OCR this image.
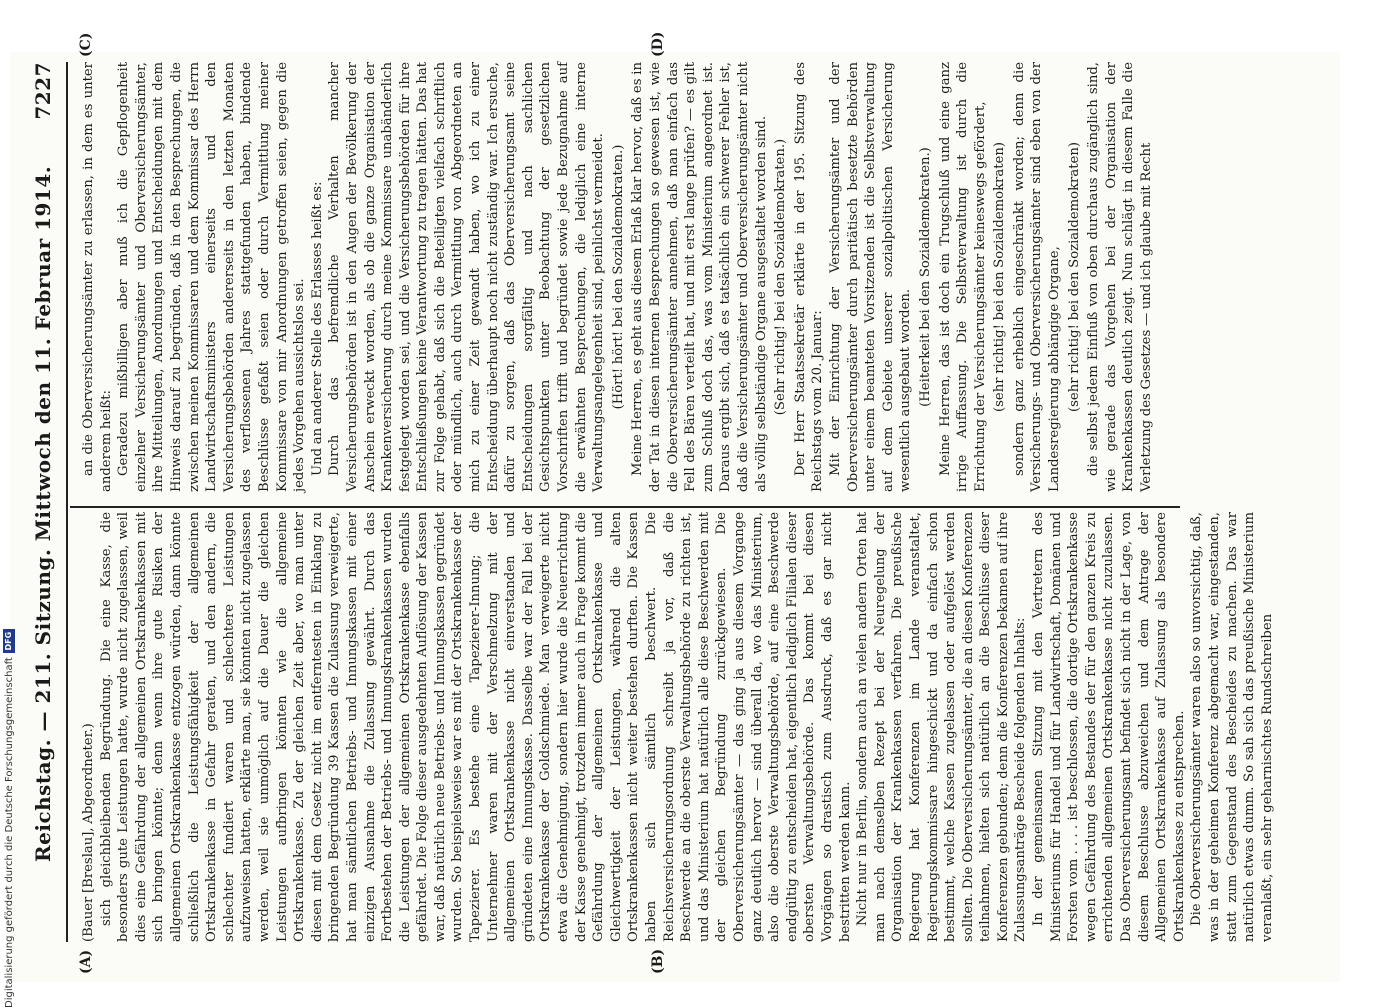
Reichstag. — 211. Sitzung. Mittwoch den 11. Februar 1914.
7227
(A)	(B)
(C)	(D)

(Bauer [Breslau], Abgeordneter.) sich gleichbleibenden Begründung. Die eine Kasse, die besonders gute Leistungen hatte, wurde nicht zugelassen, weil dies eine Gefährdung der allgemeinen Ortskrankenkassen mit sich bringen könnte; denn wenn ihre gute Risiken der allgemeinen Ortskrankenkasse entzogen würden, dann könnte schließlich die Leistungsfähigkeit der allgemeinen Ortskrankenkasse in Gefahr geraten, und den andern, die schlechter fundiert waren und schlechtere Leistungen aufzuweisen hatten, erklärte man, sie könnten nicht zugelassen werden, weil sie unmöglich auf die Dauer die gleichen Leistungen aufbringen könnten wie die allgemeine Ortskrankenkasse. Zu der gleichen Zeit aber, wo man unter diesen mit dem Gesetz nicht im entferntesten in Einklang zu bringenden Begründung 39 Kassen die Zulassung verweigerte, hat man sämtlichen Betriebs- und Innungskassen mit einer einzigen Ausnahme die Zulassung gewährt. Durch das Fortbestehen der Betriebs- und Innungskrankenkassen wurden die Leistungen der allgemeinen Ortskrankenkasse ebenfalls gefährdet. Die Folge dieser ausgedehnten Auflösung der Kassen war, daß natürlich neue Betriebs- und Innungskassen gegründet wurden. So beispielsweise war es mit der Ortskrankenkasse der Tapezierer. Es bestehe eine Tapezierer-Innung; die Unternehmer waren mit der Verschmelzung mit der allgemeinen Ortskrankenkasse nicht einverstanden und gründeten eine Innungskasse. Dasselbe war der Fall bei der Ortskrankenkasse der Goldschmiede. Man verweigerte nicht etwa die Genehmigung, sondern hier wurde die Neuerrichtung der Kasse genehmigt, trotzdem immer auch in Frage kommt die Gefährdung der allgemeinen Ortskrankenkasse und Gleichwertigkeit der Leistungen, während die alten Ortskrankenkassen nicht weiter bestehen durften. Die Kassen haben sich sämtlich beschwert. Die Reichsversicherungsordnung schreibt ja vor, daß die Beschwerde an die oberste Verwaltungsbehörde zu richten ist, und das Ministerium hat natürlich alle diese Beschwerden mit der gleichen Begründung zurückgewiesen. Die Oberversicherungsämter — das ging ja aus diesem Vorgange ganz deutlich hervor — sind überall da, wo das Ministerium, also die oberste Verwaltungsbehörde, auf eine Beschwerde endgültig zu entscheiden hat, eigentlich lediglich Filialen dieser obersten Verwaltungsbehörde. Das kommt bei diesen Vorgängen so drastisch zum Ausdruck, daß es gar nicht bestritten werden kann. Nicht nur in Berlin, sondern auch an vielen andern Orten hat man nach demselben Rezept bei der Neuregelung der Organisation der Krankenkassen verfahren. Die preußische Regierung hat Konferenzen im Lande veranstaltet, Regierungskommissare hingeschickt und da einfach schon bestimmt, welche Kassen zugelassen oder aufgelöst werden sollten. Die Oberversicherungsämter, die an diesen Konferenzen teilnahmen, hielten sich natürlich an die Beschlüsse dieser Konferenzen gebunden; denn die Konferenzen bekamen auf ihre Zulassungsanträge Bescheide folgenden Inhalts: In der gemeinsamen Sitzung mit den Vertretern des Ministeriums für Handel und für Landwirtschaft, Domänen und Forsten vom . . . . ist beschlossen, die dortige Ortskrankenkasse wegen Gefährdung des Bestandes der für den ganzen Kreis zu errichtenden allgemeinen Ortskrankenkasse nicht zuzulassen. Das Oberversicherungsamt befindet sich nicht in der Lage, von diesem Beschlusse abzuweichen und dem Antrage der Allgemeinen Ortskrankenkasse auf Zulassung als besondere Ortskrankenkasse zu entsprechen. Die Oberversicherungsämter waren also so unvorsichtig, daß, was in der geheimen Konferenz abgemacht war, eingestanden, statt zum Gegenstand des Bescheides zu machen. Das war natürlich etwas dumm. So sah sich das preußische Ministerium veranlaßt, ein sehr geharnischtes Rundschreiben

an die Oberversicherungsämter zu erlassen, in dem es unter anderem heißt: Geradezu mißbilligen aber muß ich die Gepflogenheit einzelner Versicherungsämter und Oberversicherungsämter, ihre Mitteilungen, Anordnungen und Entscheidungen mit dem Hinweis darauf zu begründen, daß in den Besprechungen, die zwischen meinen Kommissaren und dem Kommissar des Herrn Landwirtschaftsministers einerseits und den Versicherungsbehörden andererseits in den letzten Monaten des verflossenen Jahres stattgefunden haben, bindende Beschlüsse gefaßt seien oder durch Vermittlung meiner Kommissare von mir Anordnungen getroffen seien, gegen die jedes Vorgehen aussichtslos sei. Und an anderer Stelle des Erlasses heißt es: Durch das befremdliche Verhalten mancher Versicherungsbehörden ist in den Augen der Bevölkerung der Anschein erweckt worden, als ob die ganze Organisation der Krankenversicherung durch meine Kommissare unabänderlich festgelegt worden sei, und die Versicherungsbehörden für ihre Entschließungen keine Verantwortung zu tragen hätten. Das hat zur Folge gehabt, daß sich die Beteiligten vielfach schriftlich oder mündlich, auch durch Vermittlung von Abgeordneten an mich zu einer Zeit gewandt haben, wo ich zu einer Entscheidung überhaupt noch nicht zuständig war. Ich ersuche, dafür zu sorgen, daß das Oberversicherungsamt seine Entscheidungen sorgfältig und nach sachlichen Gesichtspunkten unter Beobachtung der gesetzlichen Vorschriften trifft und begründet sowie jede Bezugnahme auf die erwähnten Besprechungen, die lediglich eine interne Verwaltungsangelegenheit sind, peinlichst vermeidet. (Hört! hört! bei den Sozialdemokraten.) Meine Herren, es geht aus diesem Erlaß klar hervor, daß es in der Tat in diesen internen Besprechungen so gewesen ist, wie die Oberversicherungsämter annehmen, daß man einfach das Fell des Bären verteilt hat, und mit erst lange prüfen? — es gilt zum Schluß doch das, was vom Ministerium angeordnet ist. Daraus ergibt sich, daß es tatsächlich ein schwerer Fehler ist, daß die Versicherungsämter und Oberversicherungsämter nicht als völlig selbständige Organe ausgestaltet worden sind. (Sehr richtig! bei den Sozialdemokraten.) Der Herr Staatssekretär erklärte in der 195. Sitzung des Reichstags vom 20. Januar: Mit der Einrichtung der Versicherungsämter und der Oberversicherungsämter durch paritätisch besetzte Behörden unter einem beamteten Vorsitzenden ist die Selbstverwaltung auf dem Gebiete unserer sozialpolitischen Versicherung wesentlich ausgebaut worden. (Heiterkeit bei den Sozialdemokraten.) Meine Herren, das ist doch ein Trugschluß und eine ganz irrige Auffassung. Die Selbstverwaltung ist durch die Errichtung der Versicherungsämter keineswegs gefördert, (sehr richtig! bei den Sozialdemokraten) sondern ganz erheblich eingeschränkt worden; denn die Versicherungs- und Oberversicherungsämter sind eben von der Landesregierung abhängige Organe, (sehr richtig! bei den Sozialdemokraten) die selbst jedem Einfluß von oben durchaus zugänglich sind, wie gerade das Vorgehen bei der Organisation der Krankenkassen deutlich zeigt. Nun schlägt in diesem Falle die Verletzung des Gesetzes — und ich glaube mit Recht

Digitalisierung gefördert durch die Deutsche Forschungsgemeinschaft
DFG
